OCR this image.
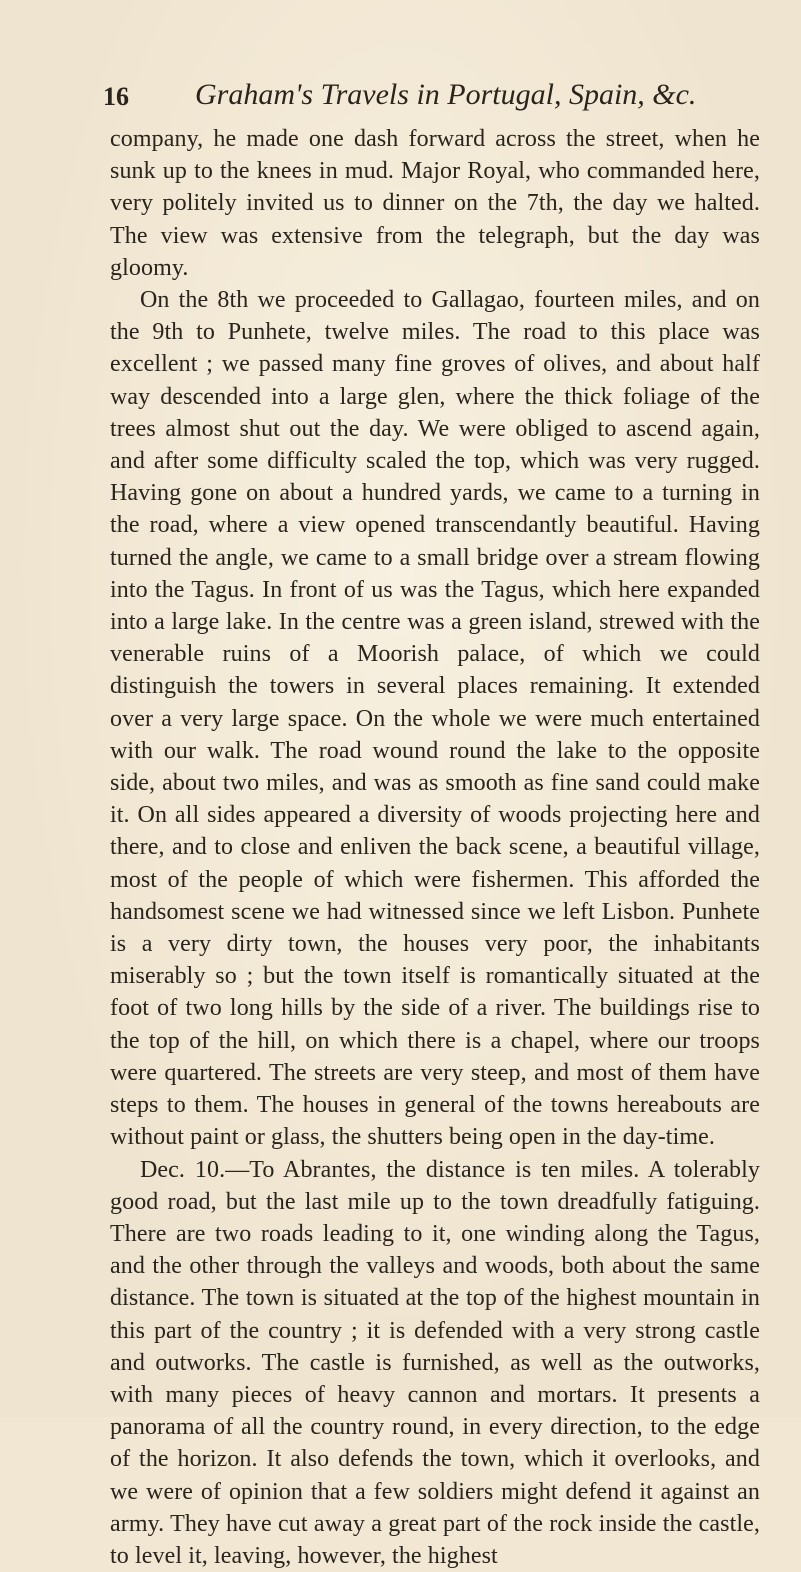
16 Graham's Travels in Portugal, Spain, &c.

company, he made one dash forward across the street, when he sunk up to the knees in mud. Major Royal, who commanded here, very politely invited us to dinner on the 7th, the day we halted. The view was extensive from the telegraph, but the day was gloomy.

On the 8th we proceeded to Gallagao, fourteen miles, and on the 9th to Punhete, twelve miles. The road to this place was excellent ; we passed many fine groves of olives, and about half way descended into a large glen, where the thick foliage of the trees almost shut out the day. We were obliged to ascend again, and after some difficulty scaled the top, which was very rugged. Having gone on about a hundred yards, we came to a turning in the road, where a view opened transcendantly beautiful. Having turned the angle, we came to a small bridge over a stream flowing into the Tagus. In front of us was the Tagus, which here expanded into a large lake. In the centre was a green island, strewed with the venerable ruins of a Moorish palace, of which we could distinguish the towers in several places remaining. It extended over a very large space. On the whole we were much entertained with our walk. The road wound round the lake to the opposite side, about two miles, and was as smooth as fine sand could make it. On all sides appeared a diversity of woods projecting here and there, and to close and enliven the back scene, a beautiful village, most of the people of which were fishermen. This afforded the handsomest scene we had witnessed since we left Lisbon. Punhete is a very dirty town, the houses very poor, the inhabitants miserably so ; but the town itself is romantically situated at the foot of two long hills by the side of a river. The buildings rise to the top of the hill, on which there is a chapel, where our troops were quartered. The streets are very steep, and most of them have steps to them. The houses in general of the towns hereabouts are without paint or glass, the shutters being open in the day-time.

Dec. 10.—To Abrantes, the distance is ten miles. A tolerably good road, but the last mile up to the town dreadfully fatiguing. There are two roads leading to it, one winding along the Tagus, and the other through the valleys and woods, both about the same distance. The town is situated at the top of the highest mountain in this part of the country ; it is defended with a very strong castle and outworks. The castle is furnished, as well as the outworks, with many pieces of heavy cannon and mortars. It presents a panorama of all the country round, in every direction, to the edge of the horizon. It also defends the town, which it overlooks, and we were of opinion that a few soldiers might defend it against an army. They have cut away a great part of the rock inside the castle, to level it, leaving, however, the highest
